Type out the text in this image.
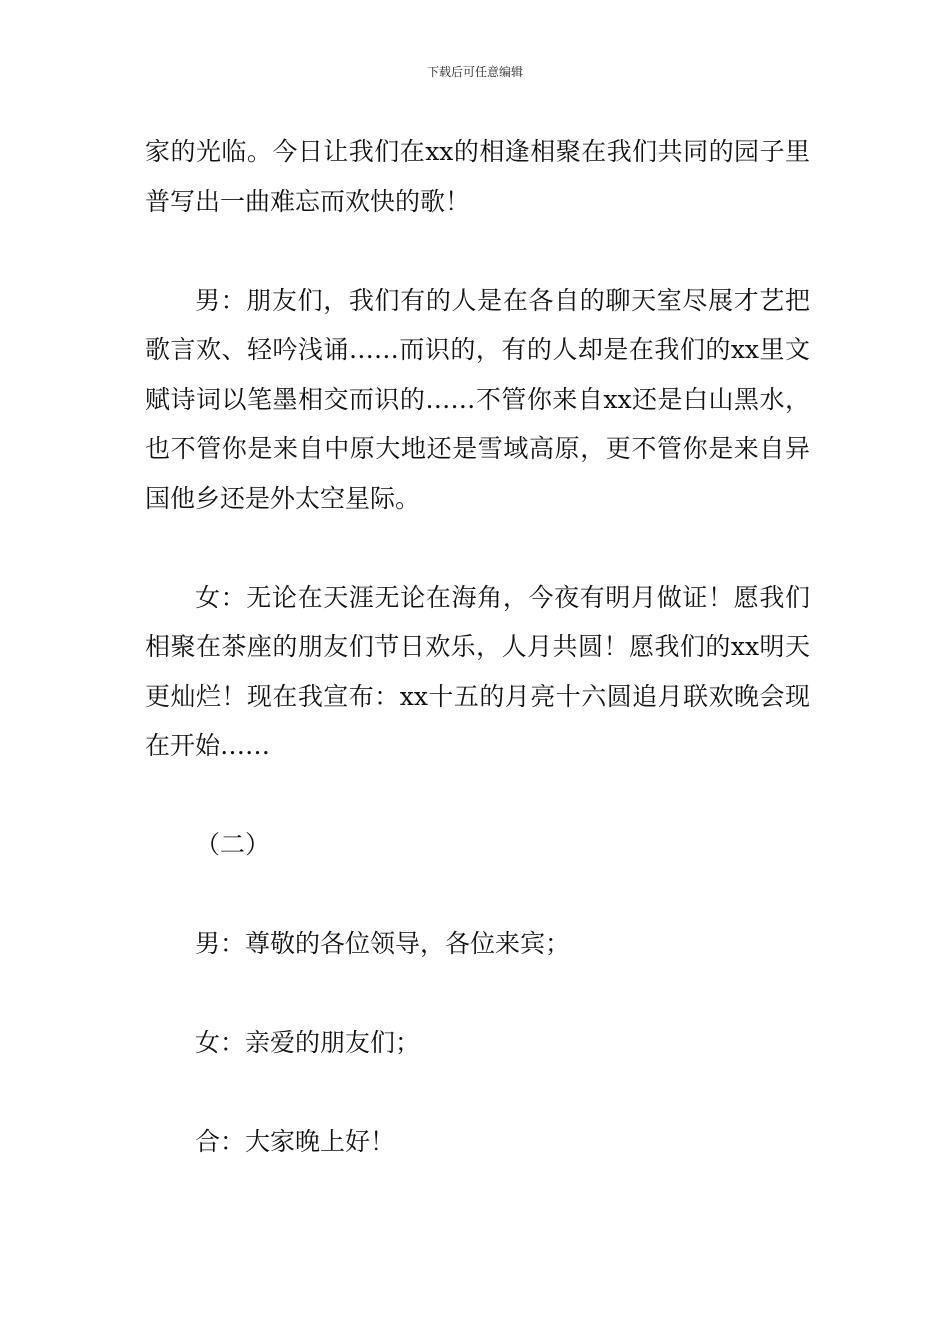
下载后可任意编辑

家的光临。今日让我们在xx的相逢相聚在我们共同的园子里普写出一曲难忘而欢快的歌！

男：朋友们，我们有的人是在各自的聊天室尽展才艺把歌言欢、轻吟浅诵……而识的，有的人却是在我们的xx里文赋诗词以笔墨相交而识的……不管你来自xx还是白山黑水，也不管你是来自中原大地还是雪域高原，更不管你是来自异国他乡还是外太空星际。

女：无论在天涯无论在海角，今夜有明月做证！愿我们相聚在茶座的朋友们节日欢乐，人月共圆！愿我们的xx明天更灿烂！现在我宣布：xx十五的月亮十六圆追月联欢晚会现在开始……

（二）

男：尊敬的各位领导，各位来宾；

女：亲爱的朋友们；

合：大家晚上好！
